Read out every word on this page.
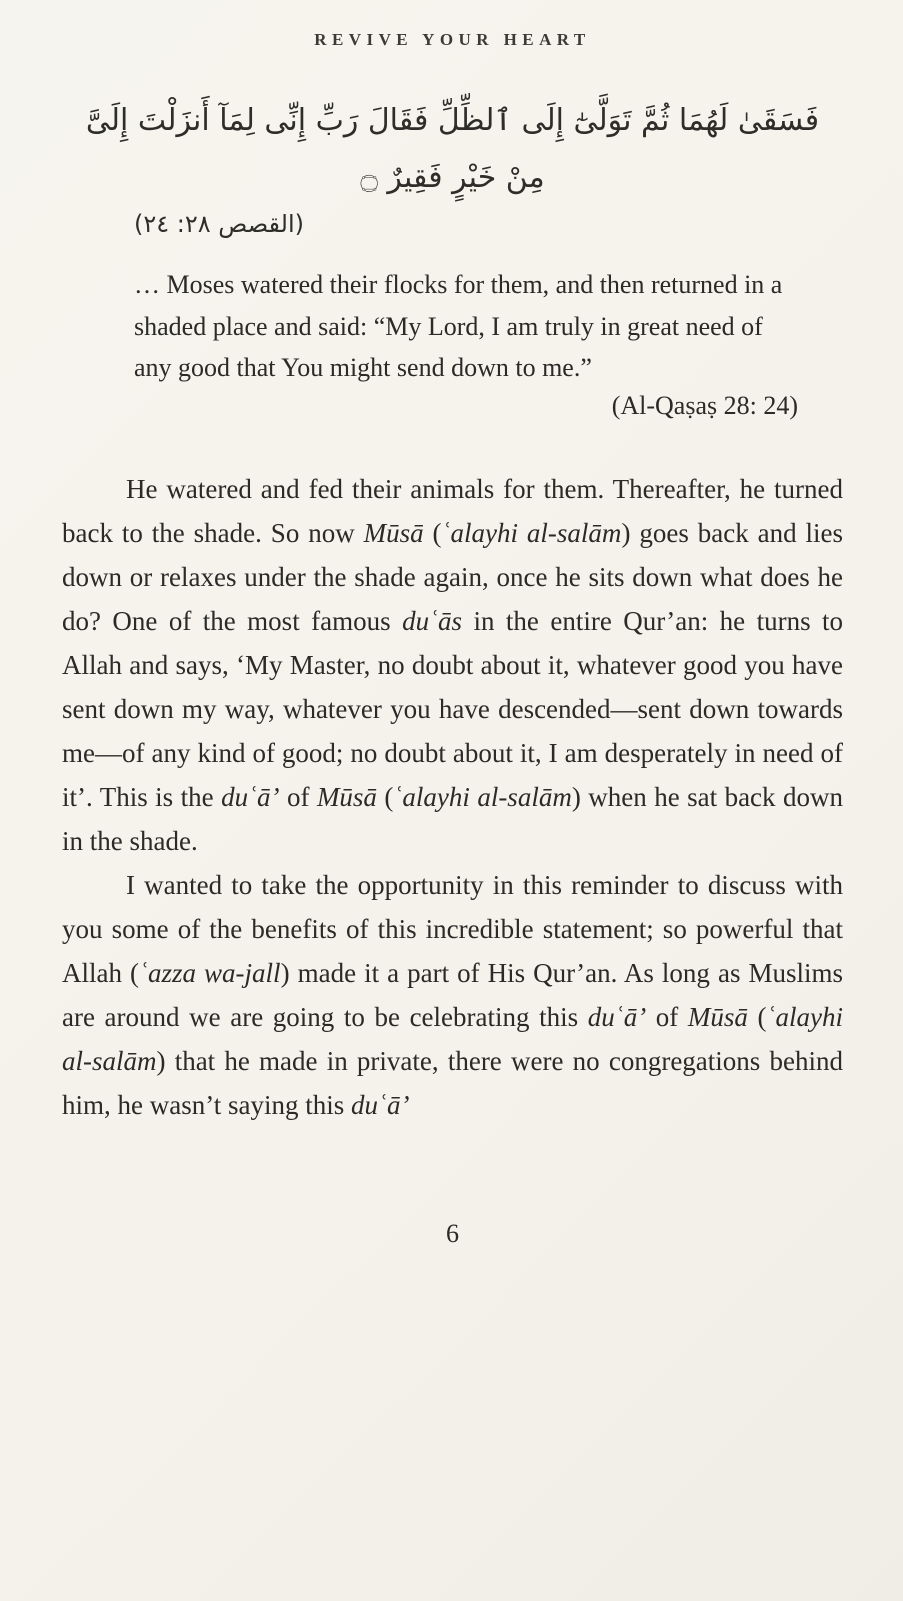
REVIVE YOUR HEART
فَسَقَىٰ لَهُمَا ثُمَّ تَوَلَّىٰٓ إِلَى ٱلظِّلِّ فَقَالَ رَبِّ إِنِّى لِمَآ أَنزَلْتَ إِلَىَّ
مِنْ خَيْرٍ فَقِيرٌ ۝
(القصص ٢٨: ٢٤)
… Moses watered their flocks for them, and then returned in a shaded place and said: “My Lord, I am truly in great need of any good that You might send down to me.”
(Al-Qaṣaṣ 28: 24)

He watered and fed their animals for them. Thereafter, he turned back to the shade. So now Mūsā (ʿalayhi al-salām) goes back and lies down or relaxes under the shade again, once he sits down what does he do? One of the most famous duʿās in the entire Qur’an: he turns to Allah and says, ‘My Master, no doubt about it, whatever good you have sent down my way, whatever you have descended—sent down towards me—of any kind of good; no doubt about it, I am desperately in need of it’. This is the duʿā’ of Mūsā (ʿalayhi al-salām) when he sat back down in the shade.

I wanted to take the opportunity in this reminder to discuss with you some of the benefits of this incredible statement; so powerful that Allah (ʿazza wa-jall) made it a part of His Qur’an. As long as Muslims are around we are going to be celebrating this duʿā’ of Mūsā (ʿalayhi al-salām) that he made in private, there were no congregations behind him, he wasn’t saying this duʿā’

6
